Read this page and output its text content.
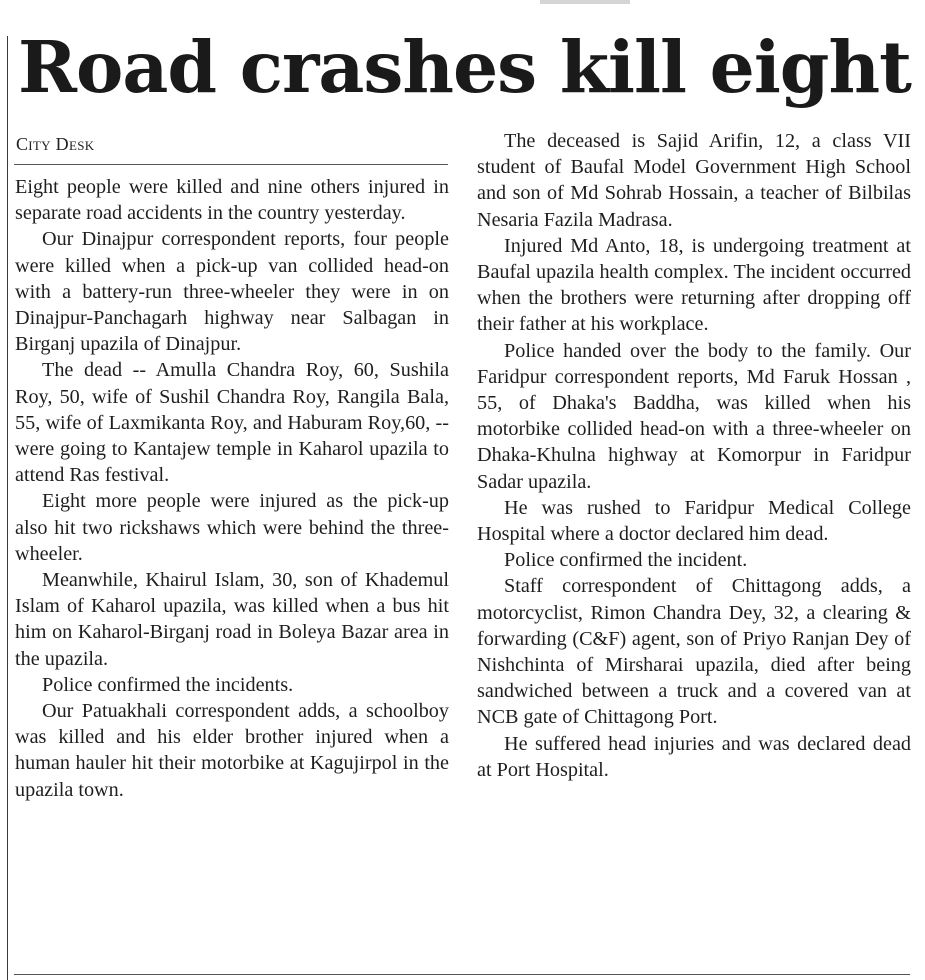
Road crashes kill eight
City Desk

Eight people were killed and nine others injured in separate road accidents in the country yesterday.

Our Dinajpur correspondent reports, four people were killed when a pick-up van collided head-on with a battery-run three-wheeler they were in on Dinajpur-Panchagarh highway near Salbagan in Birganj upazila of Dinajpur.

The dead -- Amulla Chandra Roy, 60, Sushila Roy, 50, wife of Sushil Chandra Roy, Rangila Bala, 55, wife of Laxmikanta Roy, and Haburam Roy,60, -- were going to Kantajew temple in Kaharol upazila to attend Ras festival.

Eight more people were injured as the pick-up also hit two rickshaws which were behind the three-wheeler.

Meanwhile, Khairul Islam, 30, son of Khademul Islam of Kaharol upazila, was killed when a bus hit him on Kaharol-Birganj road in Boleya Bazar area in the upazila.

Police confirmed the incidents.

Our Patuakhali correspondent adds, a schoolboy was killed and his elder brother injured when a human hauler hit their motorbike at Kagujirpol in the upazila town.

The deceased is Sajid Arifin, 12, a class VII student of Baufal Model Government High School and son of Md Sohrab Hossain, a teacher of Bilbilas Nesaria Fazila Madrasa.

Injured Md Anto, 18, is undergoing treatment at Baufal upazila health complex. The incident occurred when the brothers were returning after dropping off their father at his workplace.

Police handed over the body to the family. Our Faridpur correspondent reports, Md Faruk Hossan , 55, of Dhaka's Baddha, was killed when his motorbike collided head-on with a three-wheeler on Dhaka-Khulna highway at Komorpur in Faridpur Sadar upazila.

He was rushed to Faridpur Medical College Hospital where a doctor declared him dead.

Police confirmed the incident.

Staff correspondent of Chittagong adds, a motorcyclist, Rimon Chandra Dey, 32, a clearing & forwarding (C&F) agent, son of Priyo Ranjan Dey of Nishchinta of Mirsharai upazila, died after being sandwiched between a truck and a covered van at NCB gate of Chittagong Port.

He suffered head injuries and was declared dead at Port Hospital.
